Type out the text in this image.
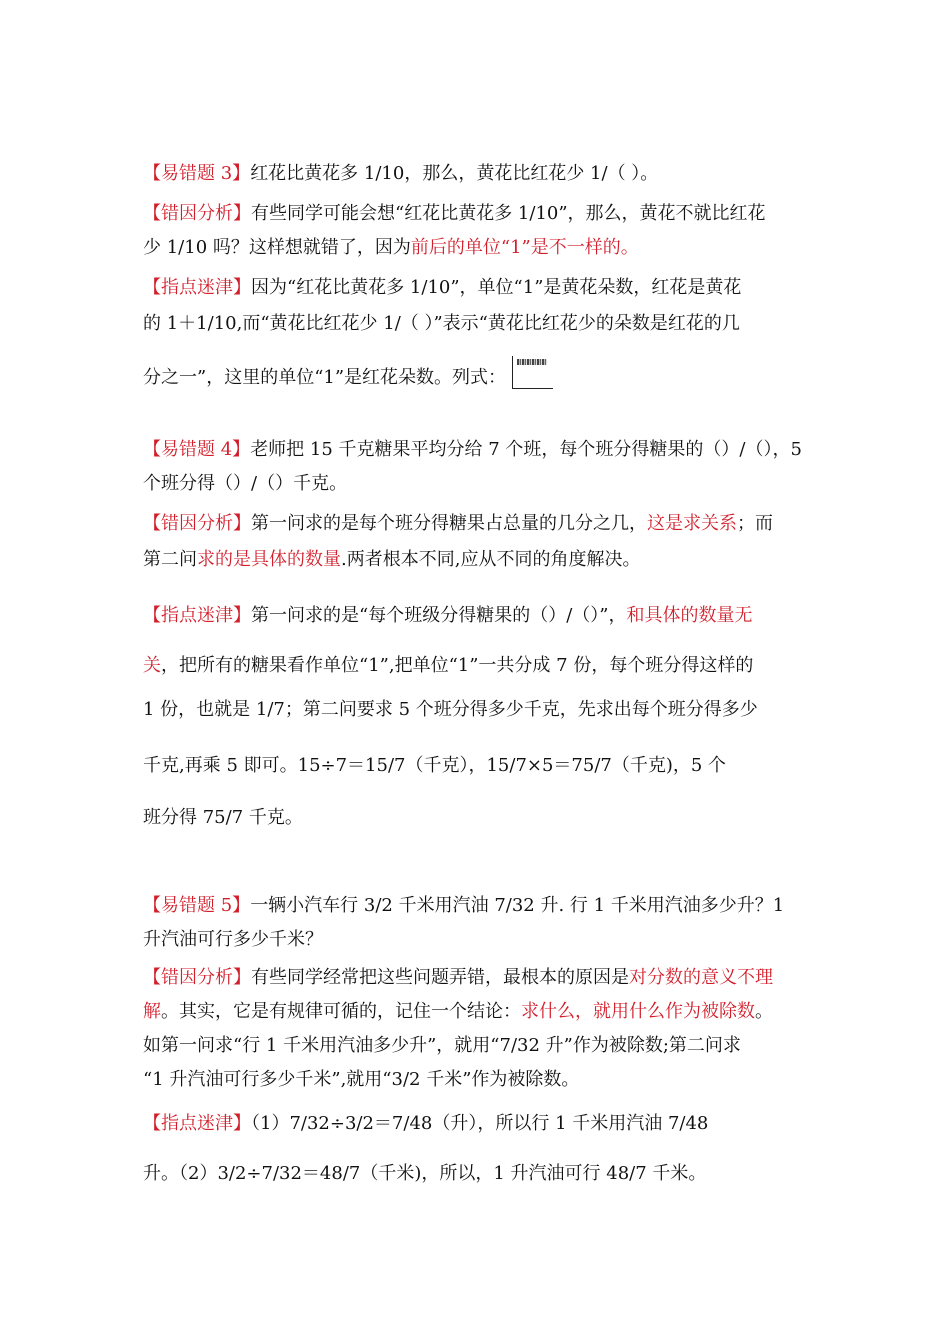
【易错题 3】红花比黄花多 1/10，那么，黄花比红花少 1/（ ）。
【错因分析】有些同学可能会想“红花比黄花多 1/10”，那么，黄花不就比红花
少 1/10 吗？这样想就错了，因为前后的单位“1”是不一样的。
【指点迷津】因为“红花比黄花多 1/10”，单位“1”是黄花朵数，红花是黄花
的 1＋1/10,而“黄花比红花少 1/（ ）”表示“黄花比红花少的朵数是红花的几
分之一”，这里的单位“1”是红花朵数。列式：
【易错题 4】老师把 15 千克糖果平均分给 7 个班，每个班分得糖果的（）/（），5
个班分得（）/（）千克。
【错因分析】第一问求的是每个班分得糖果占总量的几分之几，这是求关系；而
第二问求的是具体的数量.两者根本不同,应从不同的角度解决。
【指点迷津】第一问求的是“每个班级分得糖果的（）/（）”，和具体的数量无
关，把所有的糖果看作单位“1”,把单位“1”一共分成 7 份，每个班分得这样的
1 份，也就是 1/7；第二问要求 5 个班分得多少千克，先求出每个班分得多少
千克,再乘 5 即可。15÷7＝15/7（千克），15/7×5＝75/7（千克)，5 个
班分得 75/7 千克。
【易错题 5】一辆小汽车行 3/2 千米用汽油 7/32 升. 行 1 千米用汽油多少升？1
升汽油可行多少千米？
【错因分析】有些同学经常把这些问题弄错，最根本的原因是对分数的意义不理
解。其实，它是有规律可循的，记住一个结论：求什么，就用什么作为被除数。
如第一问求“行 1 千米用汽油多少升”，就用“7/32 升”作为被除数;第二问求
“1 升汽油可行多少千米”,就用“3/2 千米”作为被除数。
【指点迷津】（1）7/32÷3/2＝7/48（升），所以行 1 千米用汽油 7/48
升。（2）3/2÷7/32＝48/7（千米)，所以，1 升汽油可行 48/7 千米。
